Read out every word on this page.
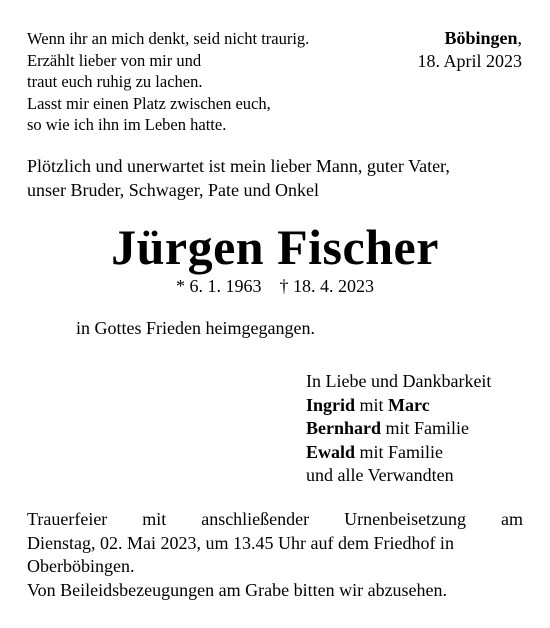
Wenn ihr an mich denkt, seid nicht traurig.
Erzählt lieber von mir und
traut euch ruhig zu lachen.
Lasst mir einen Platz zwischen euch,
so wie ich ihn im Leben hatte.
Böbingen,
18. April 2023
Plötzlich und unerwartet ist mein lieber Mann, guter Vater,
unser Bruder, Schwager, Pate und Onkel
Jürgen Fischer
* 6. 1. 1963 † 18. 4. 2023
in Gottes Frieden heimgegangen.
In Liebe und Dankbarkeit
Ingrid mit Marc
Bernhard mit Familie
Ewald mit Familie
und alle Verwandten
Trauerfeier mit anschließender Urnenbeisetzung am
Dienstag, 02. Mai 2023, um 13.45 Uhr auf dem Friedhof in
Oberböbingen.
Von Beileidsbezeugungen am Grabe bitten wir abzusehen.
